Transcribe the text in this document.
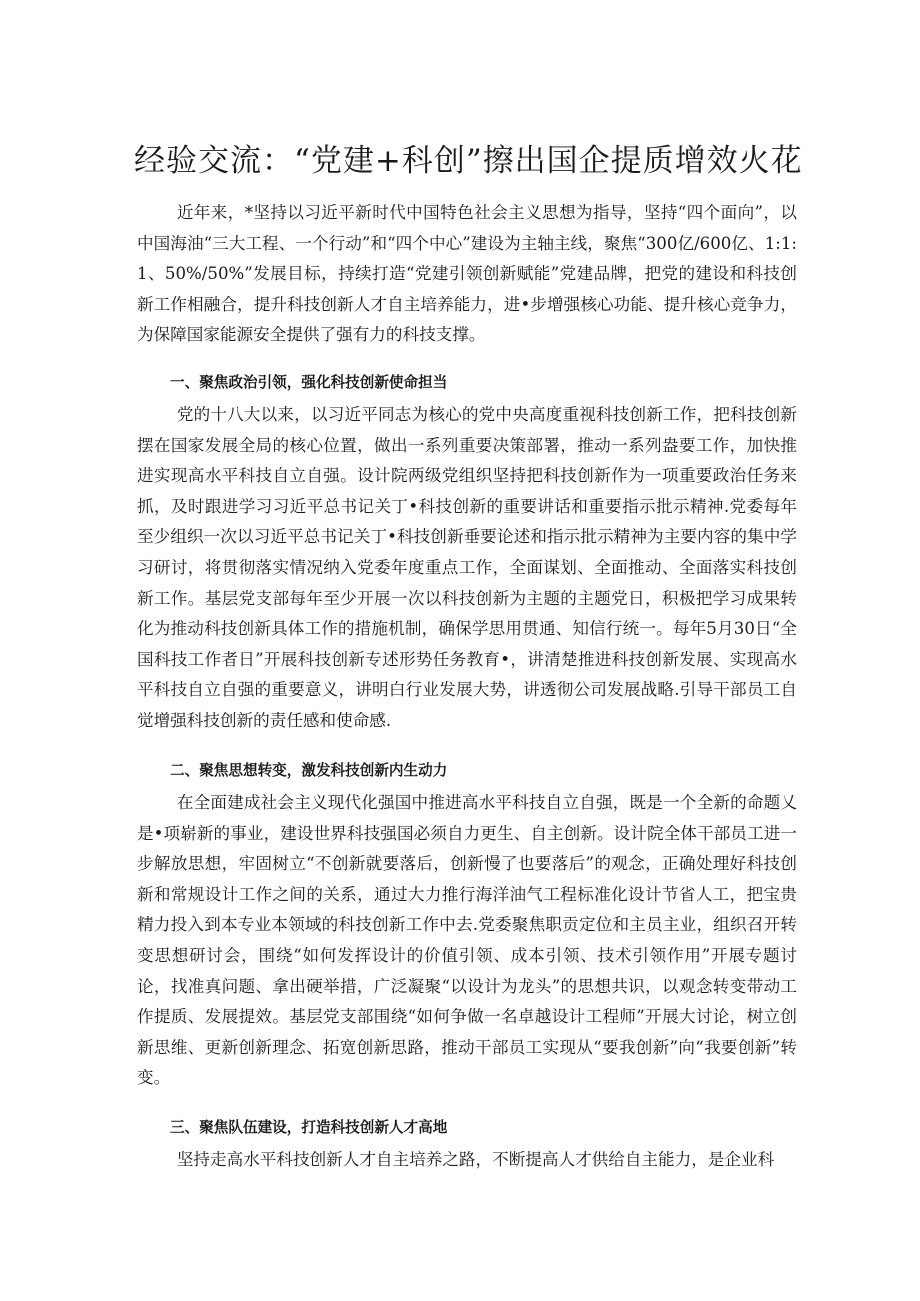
经验交流：“党建+科创”擦出国企提质增效火花

近年来，*坚持以习近平新时代中国特色社会主义思想为指导，坚持“四个面向”，以中国海油“三大工程、一个行动”和“四个中心”建设为主轴主线，聚焦“300亿/600亿、1:1:1、50%/50%”发展目标，持续打造“党建引领创新赋能”党建品牌，把党的建设和科技创新工作相融合，提升科技创新人才自主培养能力，进•步增强核心功能、提升核心竞争力，为保障国家能源安全提供了强有力的科技支撑。

一、聚焦政治引领，强化科技创新使命担当

党的十八大以来，以习近平同志为核心的党中央高度重视科技创新工作，把科技创新摆在国家发展全局的核心位置，做出一系列重要决策部署，推动一系列盎要工作，加快推进实现高水平科技自立自强。设计院两级党组织坚持把科技创新作为一项重要政治任务来抓，及时跟进学习习近平总书记关丁•科技创新的重要讲话和重要指示批示精神.党委每年至少组织一次以习近平总书记关丁•科技创新垂要论述和指示批示精神为主要内容的集中学习研讨，将贯彻落实情况纳入党委年度重点工作，全面谋划、全面推动、全面落实科技创新工作。基层党支部每年至少开展一次以科技创新为主题的主题党日，积极把学习成果转化为推动科技创新具体工作的措施机制，确保学思用贯通、知信行统一。每年5月30日“全国科技工作者日”开展科技创新专述形势任务教育•，讲清楚推进科技创新发展、实现高水平科技自立自强的重要意义，讲明白行业发展大势，讲透彻公司发展战略.引导干部员工自觉增强科技创新的责任感和使命感.

二、聚焦思想转变，激发科技创新内生动力

在全面建成社会主义现代化强国中推进高水平科技自立自强，既是一个全新的命题乂是•项崭新的事业，建设世界科技强国必须自力更生、自主创新。设计院全体干部员工进一步解放思想，牢固树立“不创新就要落后，创新慢了也要落后”的观念，正确处理好科技创新和常规设计工作之间的关系，通过大力推行海洋油气工程标准化设计节省人工，把宝贵精力投入到本专业本领域的科技创新工作中去.党委聚焦职贡定位和主员主业，组织召开转变思想研讨会，围绕“如何发挥设计的价值引领、成本引领、技术引领作用”开展专题讨论，找准真问题、拿出硬举措，广泛凝聚“以设计为龙头”的思想共识，以观念转变带动工作提质、发展提效。基层党支部围绕“如何争做一名卓越设计工程师”开展大讨论，树立创新思维、更新创新理念、拓宽创新思路，推动干部员工实现从“要我创新”向“我要创新”转变。

三、聚焦队伍建设，打造科技创新人才高地

坚持走高水平科技创新人才自主培养之路，不断提高人才供给自主能力，是企业科
